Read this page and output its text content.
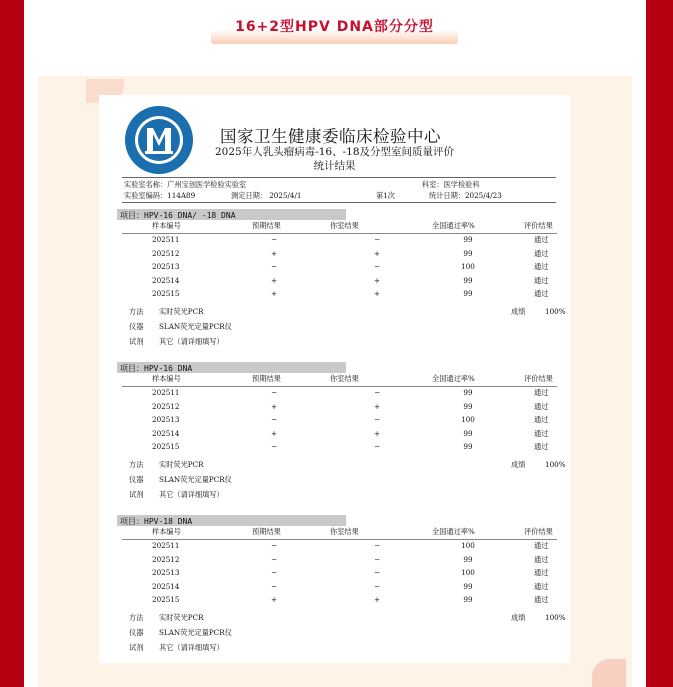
16+2型HPV DNA部分分型
国家卫生健康委临床检验中心
2025年人乳头瘤病毒-16、-18及分型室间质量评价
统计结果
实验室名称：广州宝创医学检验实验室	科室：医学检验科
实验室编码：114A89	测定日期： 2025/4/1	第1次	统计日期：2025/4/23
项目：HPV-16 DNA/ -18 DNA
样本编号	预期结果	你室结果	全国通过率%	评价结果
202511	−	−	99	通过
202512	+	+	99	通过
202513	−	−	100	通过
202514	+	+	99	通过
202515	+	+	99	通过
方法 实时荧光PCR	成绩	100%
仪器 SLAN荧光定量PCR仪
试剂 其它（请详细填写）
项目：HPV-16 DNA
样本编号	预期结果	你室结果	全国通过率%	评价结果
202511	−	−	99	通过
202512	+	+	99	通过
202513	−	−	100	通过
202514	+	+	99	通过
202515	−	−	99	通过
方法 实时荧光PCR	成绩	100%
仪器 SLAN荧光定量PCR仪
试剂 其它（请详细填写）
项目：HPV-18 DNA
样本编号	预期结果	你室结果	全国通过率%	评价结果
202511	−	−	100	通过
202512	−	−	99	通过
202513	−	−	100	通过
202514	−	−	99	通过
202515	+	+	99	通过
方法 实时荧光PCR	成绩	100%
仪器 SLAN荧光定量PCR仪
试剂 其它（请详细填写）
